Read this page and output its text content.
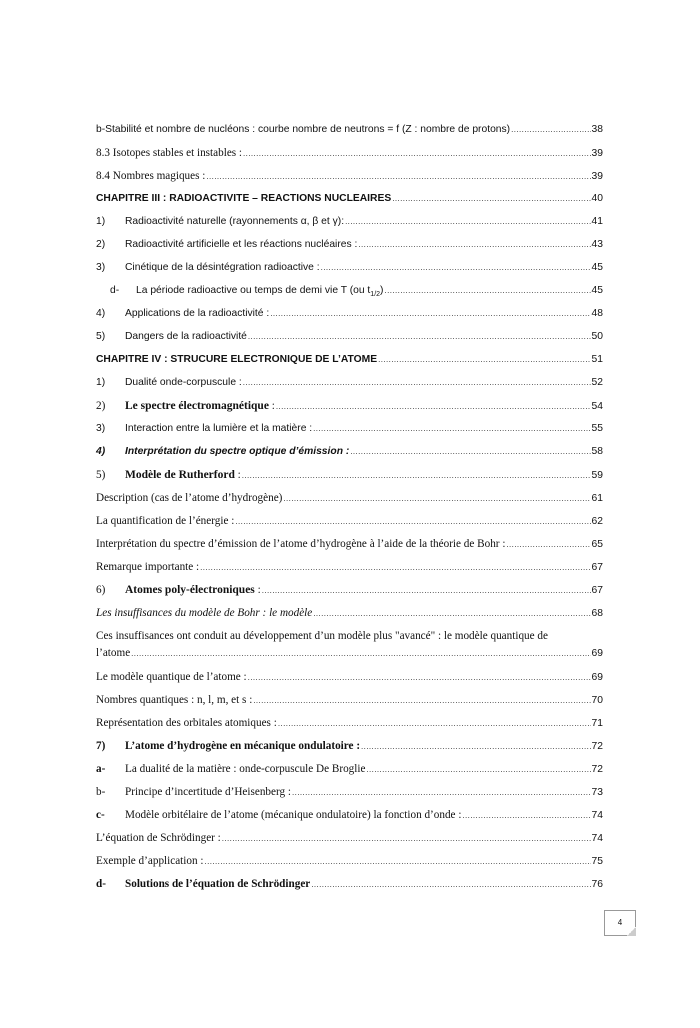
b-Stabilité et nombre de nucléons : courbe nombre de neutrons = f (Z : nombre de protons) .....	38
8.3 Isotopes stables et instables : .....	39
8.4 Nombres magiques : .....	39
CHAPITRE III : RADIOACTIVITE – REACTIONS NUCLEAIRES .....	40
1)	Radioactivité naturelle (rayonnements α, β et γ): .....	41
2)	Radioactivité artificielle et les réactions nucléaires : .....	43
3)	Cinétique de la désintégration radioactive : .....	45
d-	La période radioactive ou temps de demi vie T (ou $t_{1/2}$) .....	45
4)	Applications de la radioactivité : .....	48
5)	Dangers de la radioactivité .....	50
CHAPITRE IV : STRUCURE ELECTRONIQUE DE L’ATOME .....	51
1)	Dualité onde-corpuscule : .....	52
2)	Le spectre électromagnétique : .....	54
3)	Interaction entre la lumière et la matière : .....	55
4)	Interprétation du spectre optique d’émission : .....	58
5)	Modèle de Rutherford : .....	59
Description (cas de l’atome d’hydrogène) .....	61
La quantification de l’énergie : .....	62
Interprétation du spectre d’émission de l’atome d’hydrogène à l’aide de la théorie de Bohr : .....	65
Remarque importante : .....	67
6)	Atomes poly-électroniques : .....	67
Les insuffisances du modèle de Bohr : le modèle .....	68
Ces insuffisances ont conduit au développement d’un modèle plus "avancé" : le modèle quantique de
l’atome .....	69
Le modèle quantique de l’atome : .....	69
Nombres quantiques : n, l, m, et s : .....	70
Représentation des orbitales atomiques : .....	71
7)	L’atome d’hydrogène en mécanique ondulatoire : .....	72
a-	La dualité de la matière : onde-corpuscule De Broglie .....	72
b-	Principe d’incertitude d’Heisenberg : .....	73
c-	Modèle orbitélaire de l’atome (mécanique ondulatoire) la fonction d’onde : .....	74
L’équation de Schrödinger : .....	74
Exemple d’application : .....	75
d-	Solutions de l’équation de Schrödinger .....	76
4
